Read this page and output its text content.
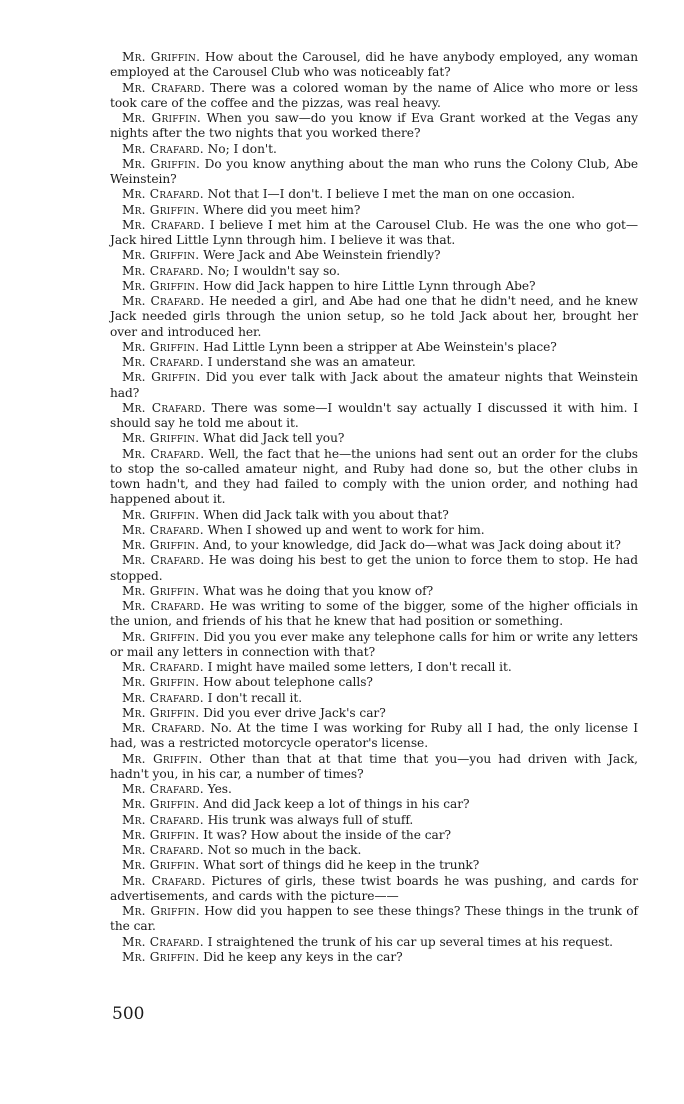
Mr. Griffin. How about the Carousel, did he have anybody employed, any woman employed at the Carousel Club who was noticeably fat?

Mr. Crafard. There was a colored woman by the name of Alice who more or less took care of the coffee and the pizzas, was real heavy.

Mr. Griffin. When you saw—do you know if Eva Grant worked at the Vegas any nights after the two nights that you worked there?

Mr. Crafard. No; I don't.

Mr. Griffin. Do you know anything about the man who runs the Colony Club, Abe Weinstein?

Mr. Crafard. Not that I—I don't. I believe I met the man on one occasion.

Mr. Griffin. Where did you meet him?

Mr. Crafard. I believe I met him at the Carousel Club. He was the one who got—Jack hired Little Lynn through him. I believe it was that.

Mr. Griffin. Were Jack and Abe Weinstein friendly?

Mr. Crafard. No; I wouldn't say so.

Mr. Griffin. How did Jack happen to hire Little Lynn through Abe?

Mr. Crafard. He needed a girl, and Abe had one that he didn't need, and he knew Jack needed girls through the union setup, so he told Jack about her, brought her over and introduced her.

Mr. Griffin. Had Little Lynn been a stripper at Abe Weinstein's place?

Mr. Crafard. I understand she was an amateur.

Mr. Griffin. Did you ever talk with Jack about the amateur nights that Weinstein had?

Mr. Crafard. There was some—I wouldn't say actually I discussed it with him. I should say he told me about it.

Mr. Griffin. What did Jack tell you?

Mr. Crafard. Well, the fact that he—the unions had sent out an order for the clubs to stop the so-called amateur night, and Ruby had done so, but the other clubs in town hadn't, and they had failed to comply with the union order, and nothing had happened about it.

Mr. Griffin. When did Jack talk with you about that?

Mr. Crafard. When I showed up and went to work for him.

Mr. Griffin. And, to your knowledge, did Jack do—what was Jack doing about it?

Mr. Crafard. He was doing his best to get the union to force them to stop. He had stopped.

Mr. Griffin. What was he doing that you know of?

Mr. Crafard. He was writing to some of the bigger, some of the higher officials in the union, and friends of his that he knew that had position or something.

Mr. Griffin. Did you you ever make any telephone calls for him or write any letters or mail any letters in connection with that?

Mr. Crafard. I might have mailed some letters, I don't recall it.

Mr. Griffin. How about telephone calls?

Mr. Crafard. I don't recall it.

Mr. Griffin. Did you ever drive Jack's car?

Mr. Crafard. No. At the time I was working for Ruby all I had, the only license I had, was a restricted motorcycle operator's license.

Mr. Griffin. Other than that at that time that you—you had driven with Jack, hadn't you, in his car, a number of times?

Mr. Crafard. Yes.

Mr. Griffin. And did Jack keep a lot of things in his car?

Mr. Crafard. His trunk was always full of stuff.

Mr. Griffin. It was? How about the inside of the car?

Mr. Crafard. Not so much in the back.

Mr. Griffin. What sort of things did he keep in the trunk?

Mr. Crafard. Pictures of girls, these twist boards he was pushing, and cards for advertisements, and cards with the picture——

Mr. Griffin. How did you happen to see these things? These things in the trunk of the car.

Mr. Crafard. I straightened the trunk of his car up several times at his request.

Mr. Griffin. Did he keep any keys in the car?

500
